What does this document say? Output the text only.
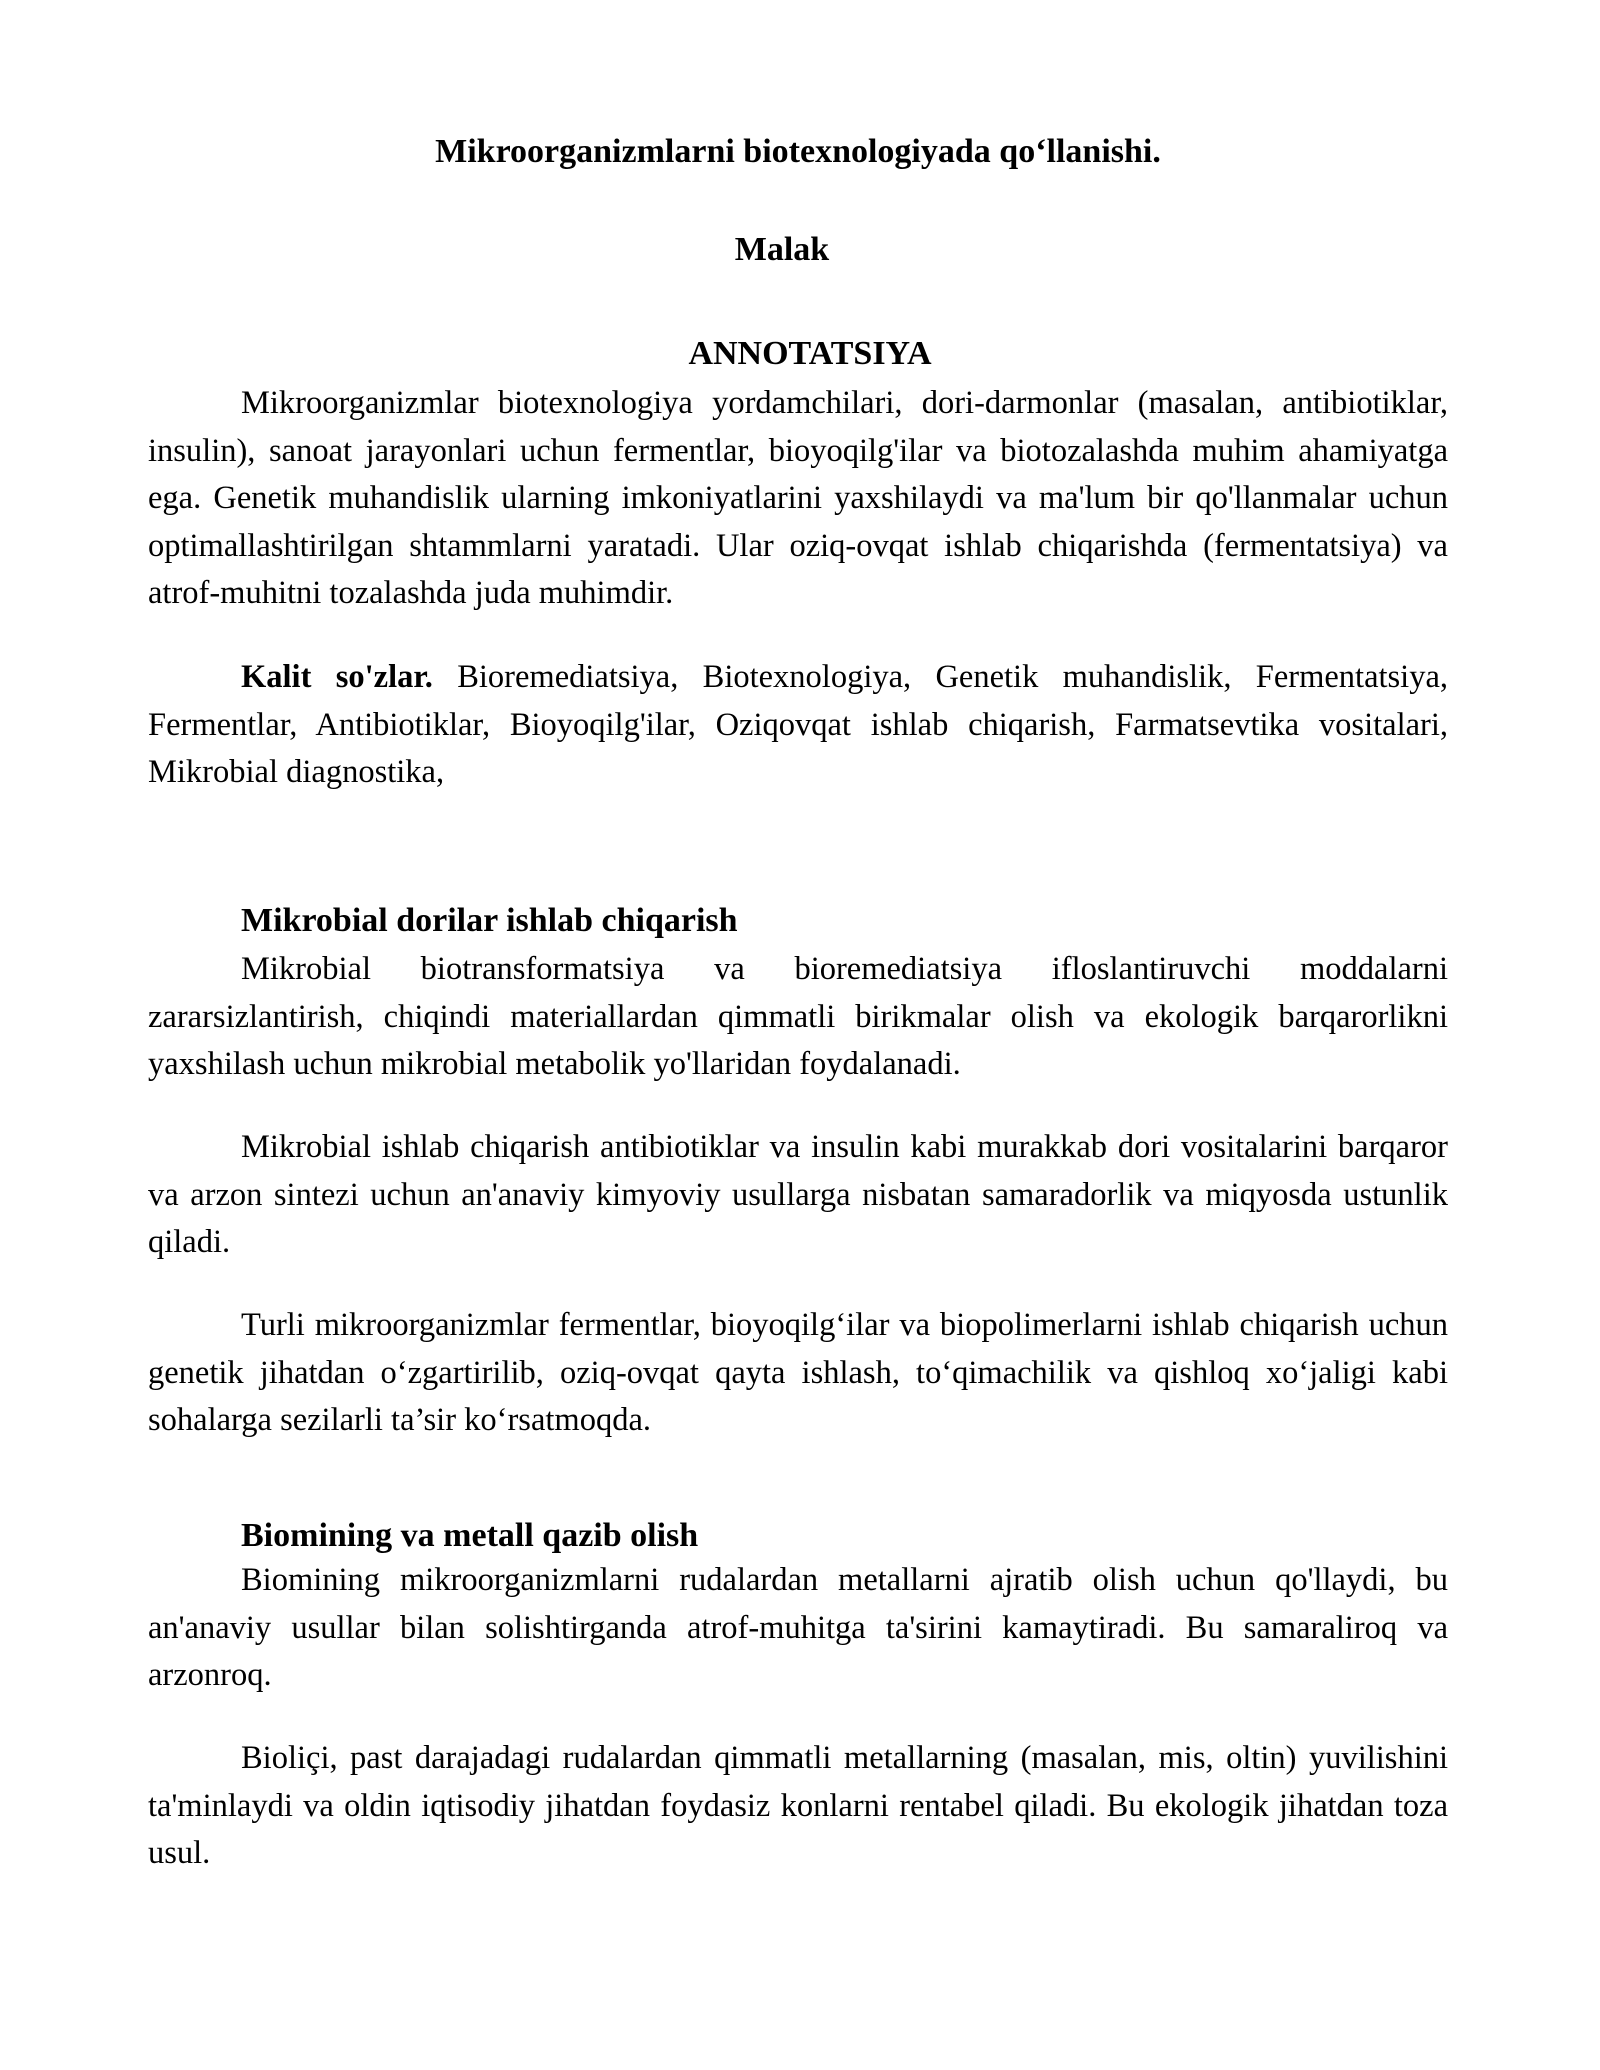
Mikroorganizmlarni biotexnologiyada qo‘llanishi.
Malak
ANNOTATSIYA

Mikroorganizmlar biotexnologiya yordamchilari, dori-darmonlar (masalan, antibiotiklar, insulin), sanoat jarayonlari uchun fermentlar, bioyoqilg'ilar va biotozalashda muhim ahamiyatga ega. Genetik muhandislik ularning imkoniyatlarini yaxshilaydi va ma'lum bir qo'llanmalar uchun optimallashtirilgan shtammlarni yaratadi. Ular oziq-ovqat ishlab chiqarishda (fermentatsiya) va atrof-muhitni tozalashda juda muhimdir.

Kalit so'zlar. Bioremediatsiya, Biotexnologiya, Genetik muhandislik, Fermentatsiya, Fermentlar, Antibiotiklar, Bioyoqilg'ilar, Oziqovqat ishlab chiqarish, Farmatsevtika vositalari, Mikrobial diagnostika,

Mikrobial dorilar ishlab chiqarish

Mikrobial biotransformatsiya va bioremediatsiya ifloslantiruvchi moddalarni zararsizlantirish, chiqindi materiallardan qimmatli birikmalar olish va ekologik barqarorlikni yaxshilash uchun mikrobial metabolik yo'llaridan foydalanadi.

Mikrobial ishlab chiqarish antibiotiklar va insulin kabi murakkab dori vositalarini barqaror va arzon sintezi uchun an'anaviy kimyoviy usullarga nisbatan samaradorlik va miqyosda ustunlik qiladi.

Turli mikroorganizmlar fermentlar, bioyoqilg‘ilar va biopolimerlarni ishlab chiqarish uchun genetik jihatdan o‘zgartirilib, oziq-ovqat qayta ishlash, to‘qimachilik va qishloq xo‘jaligi kabi sohalarga sezilarli ta’sir ko‘rsatmoqda.

Biomining va metall qazib olish

Biomining mikroorganizmlarni rudalardan metallarni ajratib olish uchun qo'llaydi, bu an'anaviy usullar bilan solishtirganda atrof-muhitga ta'sirini kamaytiradi. Bu samaraliroq va arzonroq.

Bioliçi, past darajadagi rudalardan qimmatli metallarning (masalan, mis, oltin) yuvilishini ta'minlaydi va oldin iqtisodiy jihatdan foydasiz konlarni rentabel qiladi. Bu ekologik jihatdan toza usul.
